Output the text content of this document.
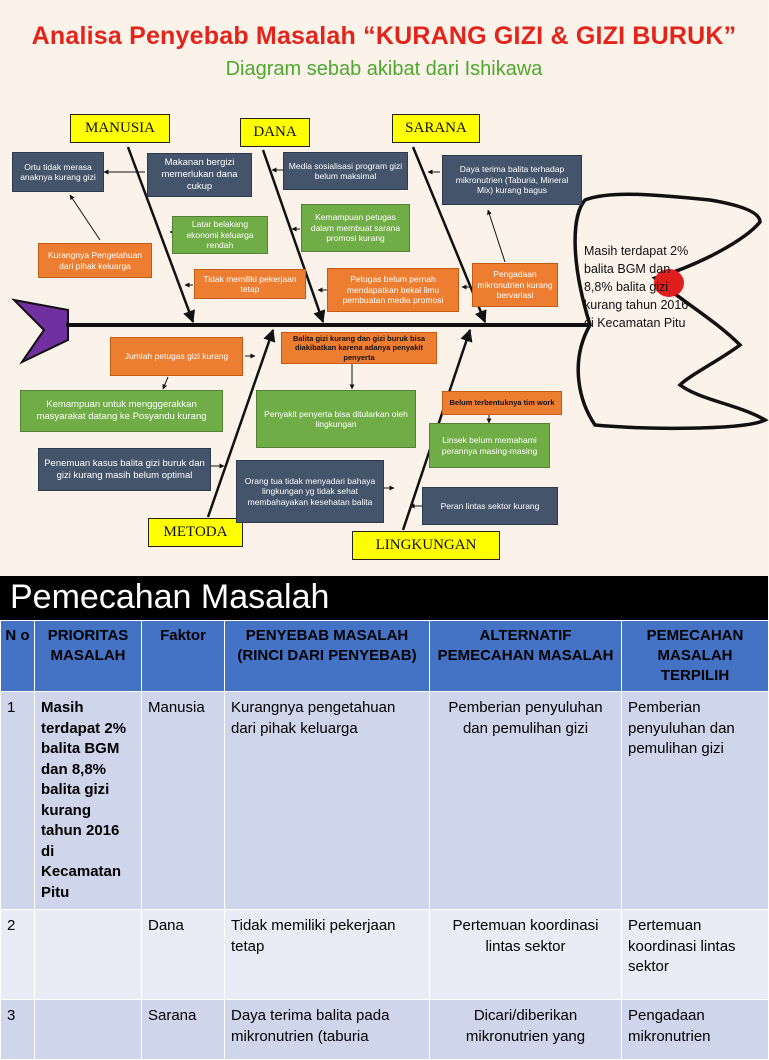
Analisa Penyebab Masalah “KURANG GIZI & GIZI BURUK”
Diagram sebab akibat dari Ishikawa
MANUSIA	DANA	SARANA
METODA
LINGKUNGAN
Ortu tidak merasa anaknya kurang gizi
Makanan bergizi memerlukan dana cukup
Media sosialisasi program gizi belum maksimal
Daya terima balita terhadap mikronutrien (Taburia, Mineral Mix) kurang bagus
Latar belakang ekonomi keluarga rendah
Kemampuan petugas dalam membuat sarana promosi kurang
Kurangnya Pengetahuan dari pihak keluarga
Tidak memiliki pekerjaan tetap
Petugas belum pernah mendapatkan bekal ilmu pembuatan media promosi
Pengadaan mikronutrien kurang bervariasi
Balita gizi kurang dan gizi buruk bisa diakibatkan karena adanya penyakit penyerta
Jumlah petugas gizi kurang
Kemampuan untuk mengggerakkan masyarakat datang ke Posyandu kurang	Penyakit penyerta bisa ditularkan oleh lingkungan
Penemuan kasus balita gizi buruk dan gizi kurang masih belum optimal
Orang tua tidak menyadari bahaya lingkungan yg tidak sehat membahayakan kesehatan balita
Belum terbentuknya tim work
Linsek belum memahami perannya masing-masing
Peran lintas sektor kurang
Masih terdapat 2% balita BGM dan 8,8% balita gizi kurang tahun 2016 di Kecamatan Pitu
Pemecahan Masalah
N o	PRIORITAS MASALAH	Faktor	PENYEBAB MASALAH (RINCI DARI PENYEBAB)	ALTERNATIF PEMECAHAN MASALAH	PEMECAHAN MASALAH TERPILIH
1	Masih terdapat 2% balita BGM dan 8,8% balita gizi kurang tahun 2016 di Kecamatan Pitu	Manusia	Kurangnya pengetahuan dari pihak keluarga	Pemberian penyuluhan dan pemulihan gizi	Pemberian penyuluhan dan pemulihan gizi
2		Dana	Tidak memiliki pekerjaan tetap	Pertemuan koordinasi lintas sektor	Pertemuan koordinasi lintas sektor
3		Sarana	Daya terima balita pada mikronutrien (taburia	Dicari/diberikan mikronutrien yang	Pengadaan mikronutrien
